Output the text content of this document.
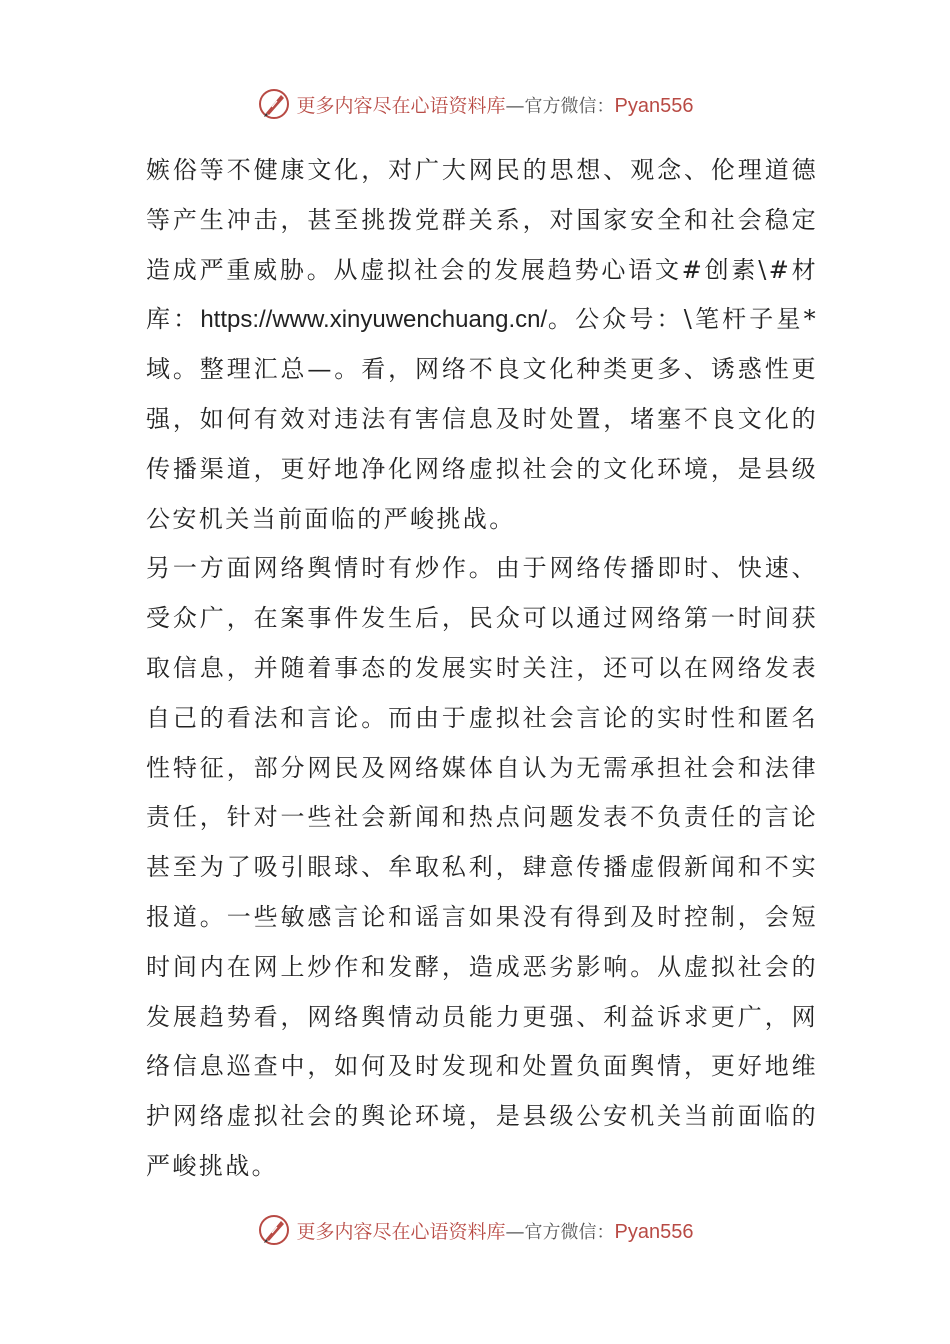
更多内容尽在心语资料库—官方微信：Pyan556

嫉俗等不健康文化，对广大网民的思想、观念、伦理道德等产生冲击，甚至挑拨党群关系，对国家安全和社会稳定造成严重威胁。从虚拟社会的发展趋势心语文#创素\#材库：https://www.xinyuwenchuang.cn/。公众号：\笔杆子星*域。整理汇总—。看，网络不良文化种类更多、诱惑性更强，如何有效对违法有害信息及时处置，堵塞不良文化的传播渠道，更好地净化网络虚拟社会的文化环境，是县级公安机关当前面临的严峻挑战。

另一方面网络舆情时有炒作。由于网络传播即时、快速、受众广，在案事件发生后，民众可以通过网络第一时间获取信息，并随着事态的发展实时关注，还可以在网络发表自己的看法和言论。而由于虚拟社会言论的实时性和匿名性特征，部分网民及网络媒体自认为无需承担社会和法律责任，针对一些社会新闻和热点问题发表不负责任的言论甚至为了吸引眼球、牟取私利，肆意传播虚假新闻和不实报道。一些敏感言论和谣言如果没有得到及时控制，会短时间内在网上炒作和发酵，造成恶劣影响。从虚拟社会的发展趋势看，网络舆情动员能力更强、利益诉求更广，网络信息巡查中，如何及时发现和处置负面舆情，更好地维护网络虚拟社会的舆论环境，是县级公安机关当前面临的严峻挑战。

更多内容尽在心语资料库—官方微信：Pyan556
